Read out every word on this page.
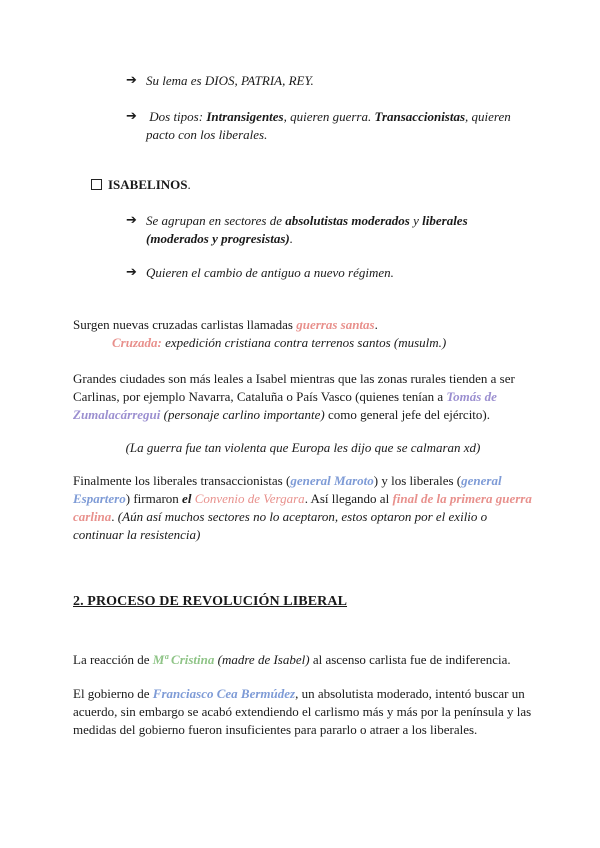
➔ Su lema es DIOS, PATRIA, REY.
➔ Dos tipos: Intransigentes, quieren guerra. Transaccionistas, quieren pacto con los liberales.
ISABELINOS.
➔ Se agrupan en sectores de absolutistas moderados y liberales (moderados y progresistas).
➔ Quieren el cambio de antiguo a nuevo régimen.
Surgen nuevas cruzadas carlistas llamadas guerras santas.
Cruzada: expedición cristiana contra terrenos santos (musulm.)
Grandes ciudades son más leales a Isabel mientras que las zonas rurales tienden a ser Carlinas, por ejemplo Navarra, Cataluña o País Vasco (quienes tenían a Tomás de Zumalacárregui (personaje carlino importante) como general jefe del ejército).
(La guerra fue tan violenta que Europa les dijo que se calmaran xd)
Finalmente los liberales transaccionistas (general Maroto) y los liberales (general Espartero) firmaron el Convenio de Vergara. Así llegando al final de la primera guerra carlina. (Aún así muchos sectores no lo aceptaron, estos optaron por el exilio o continuar la resistencia)
2. PROCESO DE REVOLUCIÓN LIBERAL
La reacción de Mª Cristina (madre de Isabel) al ascenso carlista fue de indiferencia.
El gobierno de Franciasco Cea Bermúdez, un absolutista moderado, intentó buscar un acuerdo, sin embargo se acabó extendiendo el carlismo más y más por la península y las medidas del gobierno fueron insuficientes para pararlo o atraer a los liberales.
